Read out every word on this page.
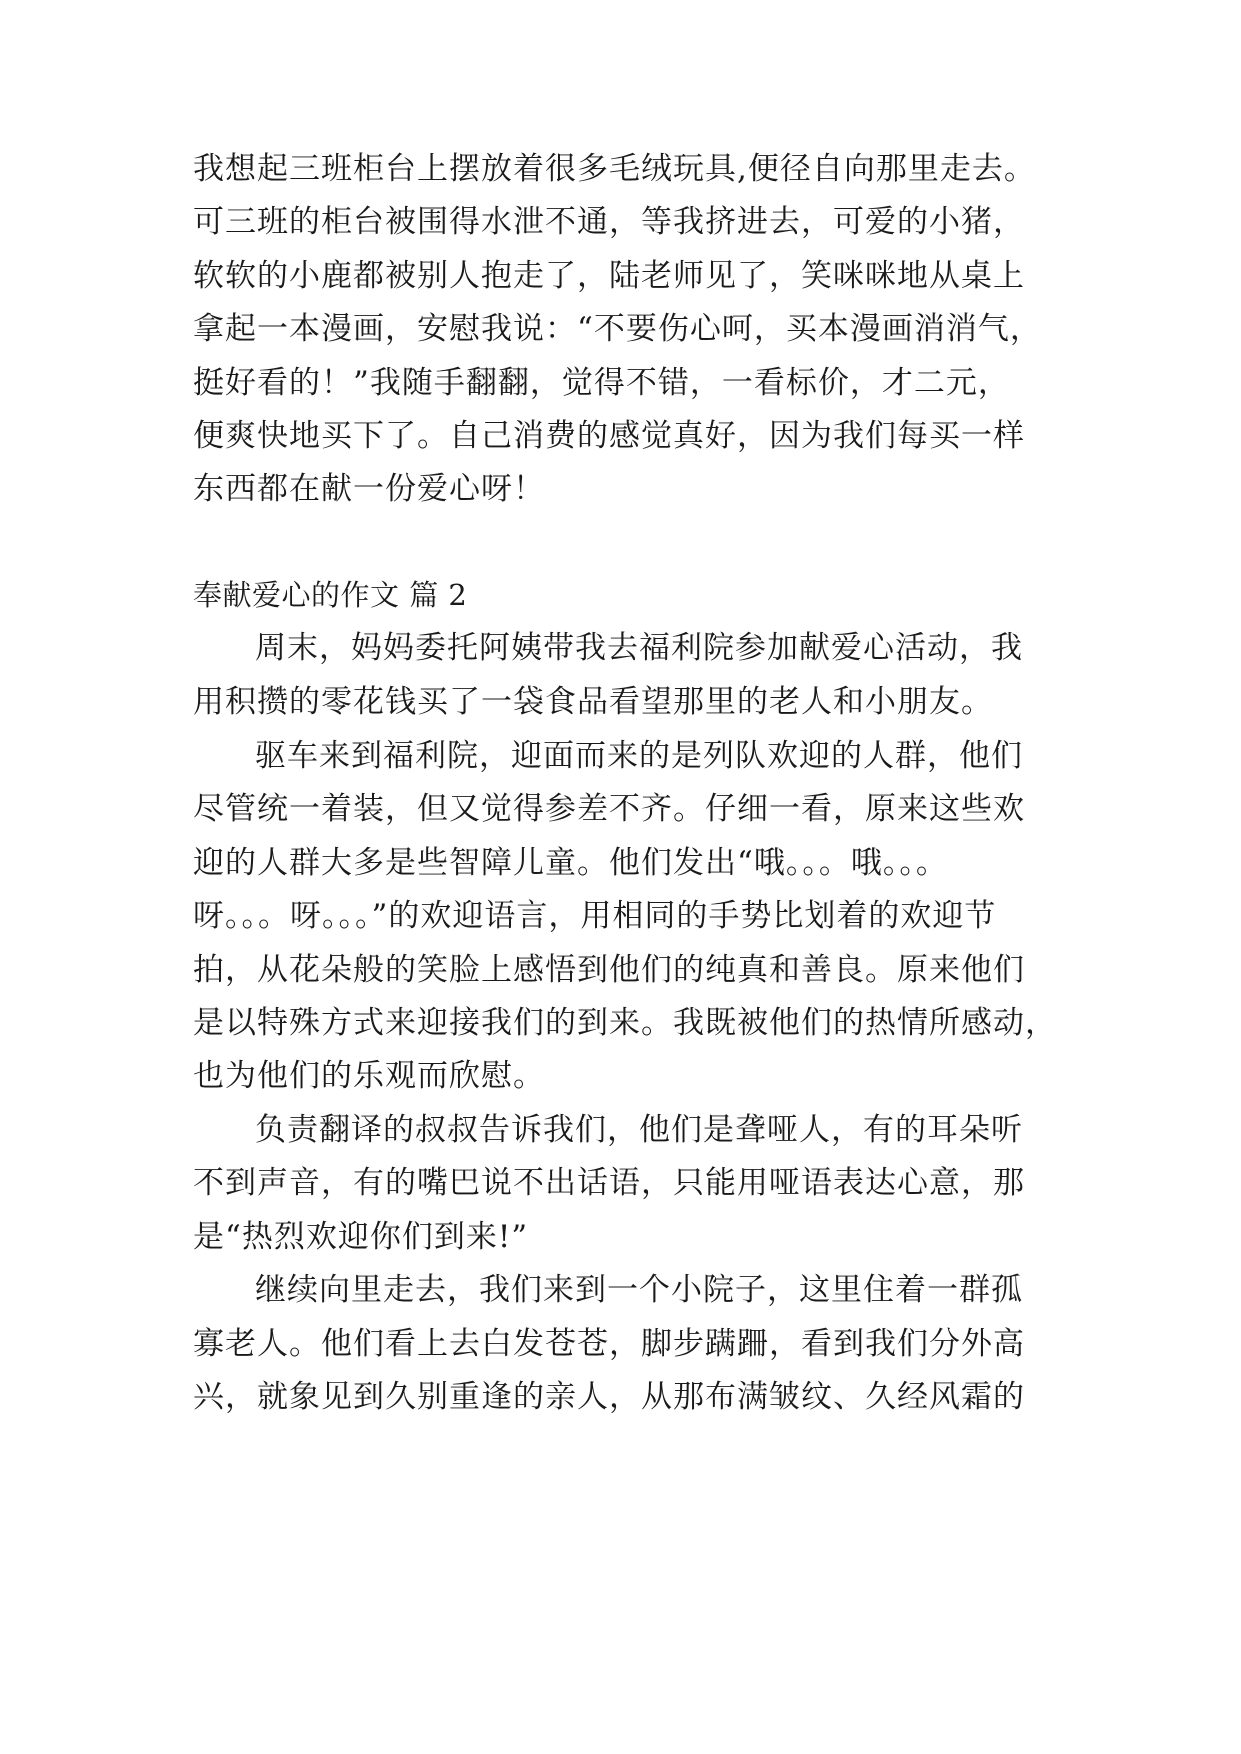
我想起三班柜台上摆放着很多毛绒玩具,便径自向那里走去。
可三班的柜台被围得水泄不通，等我挤进去，可爱的小猪，
软软的小鹿都被别人抱走了，陆老师见了，笑咪咪地从桌上
拿起一本漫画，安慰我说：“不要伤心呵，买本漫画消消气，
挺好看的！”我随手翻翻，觉得不错，一看标价，才二元，
便爽快地买下了。自己消费的感觉真好，因为我们每买一样
东西都在献一份爱心呀！
奉献爱心的作文 篇 2
周末，妈妈委托阿姨带我去福利院参加献爱心活动，我
用积攒的零花钱买了一袋食品看望那里的老人和小朋友。
驱车来到福利院，迎面而来的是列队欢迎的人群，他们
尽管统一着装，但又觉得参差不齐。仔细一看，原来这些欢
迎的人群大多是些智障儿童。他们发出“哦。。。哦。。。
呀。。。呀。。。”的欢迎语言，用相同的手势比划着的欢迎节
拍，从花朵般的笑脸上感悟到他们的纯真和善良。原来他们
是以特殊方式来迎接我们的到来。我既被他们的热情所感动，
也为他们的乐观而欣慰。
负责翻译的叔叔告诉我们，他们是聋哑人，有的耳朵听
不到声音，有的嘴巴说不出话语，只能用哑语表达心意，那
是“热烈欢迎你们到来!”
继续向里走去，我们来到一个小院子，这里住着一群孤
寡老人。他们看上去白发苍苍，脚步蹒跚，看到我们分外高
兴，就象见到久别重逢的亲人，从那布满皱纹、久经风霜的
